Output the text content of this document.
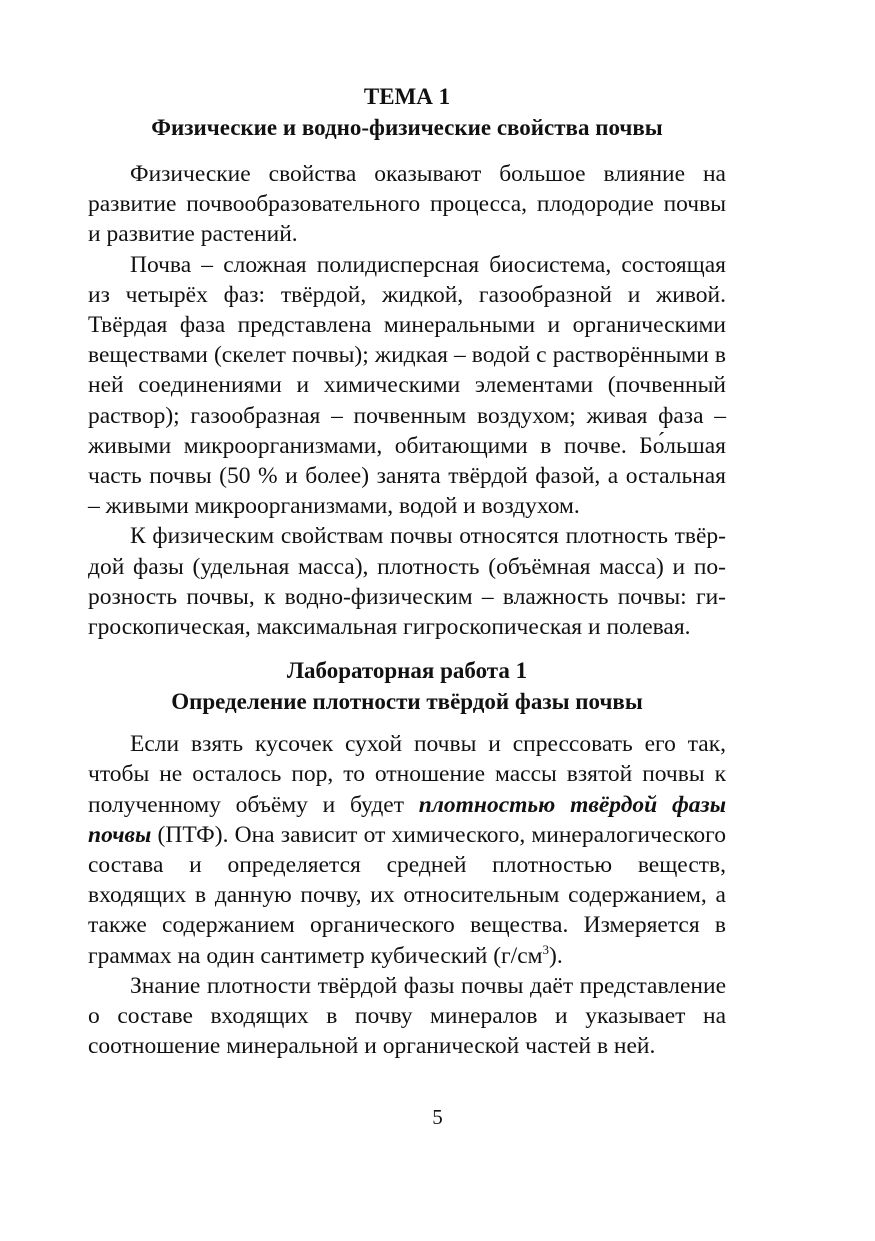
ТЕМА 1
Физические и водно-физические свойства почвы

Физические свойства оказывают большое влияние на развитие почвообразовательного процесса, плодородие почвы и развитие растений.

Почва – сложная полидисперсная биосистема, состоящая из четырёх фаз: твёрдой, жидкой, газообразной и живой. Твёрдая фаза представлена минеральными и органическими веществами (скелет почвы); жидкая – водой с растворёнными в ней соединениями и химическими элементами (почвенный раствор); газообразная – почвенным воздухом; живая фаза – живыми микроорганизмами, обитающими в почве. Бо́льшая часть почвы (50 % и более) занята твёрдой фазой, а остальная – живыми микроорганизмами, водой и воздухом.

К физическим свойствам почвы относятся плотность твёрдой фазы (удельная масса), плотность (объёмная масса) и порозность почвы, к водно-физическим – влажность почвы: гигроскопическая, максимальная гигроскопическая и полевая.

Лабораторная работа 1
Определение плотности твёрдой фазы почвы

Если взять кусочек сухой почвы и спрессовать его так, чтобы не осталось пор, то отношение массы взятой почвы к полученному объёму и будет плотностью твёрдой фазы почвы (ПТФ). Она зависит от химического, минералогического состава и определяется средней плотностью веществ, входящих в данную почву, их относительным содержанием, а также содержанием органического вещества. Измеряется в граммах на один сантиметр кубический $(г/см^3)$.

Знание плотности твёрдой фазы почвы даёт представление о составе входящих в почву минералов и указывает на соотношение минеральной и органической частей в ней.

5
